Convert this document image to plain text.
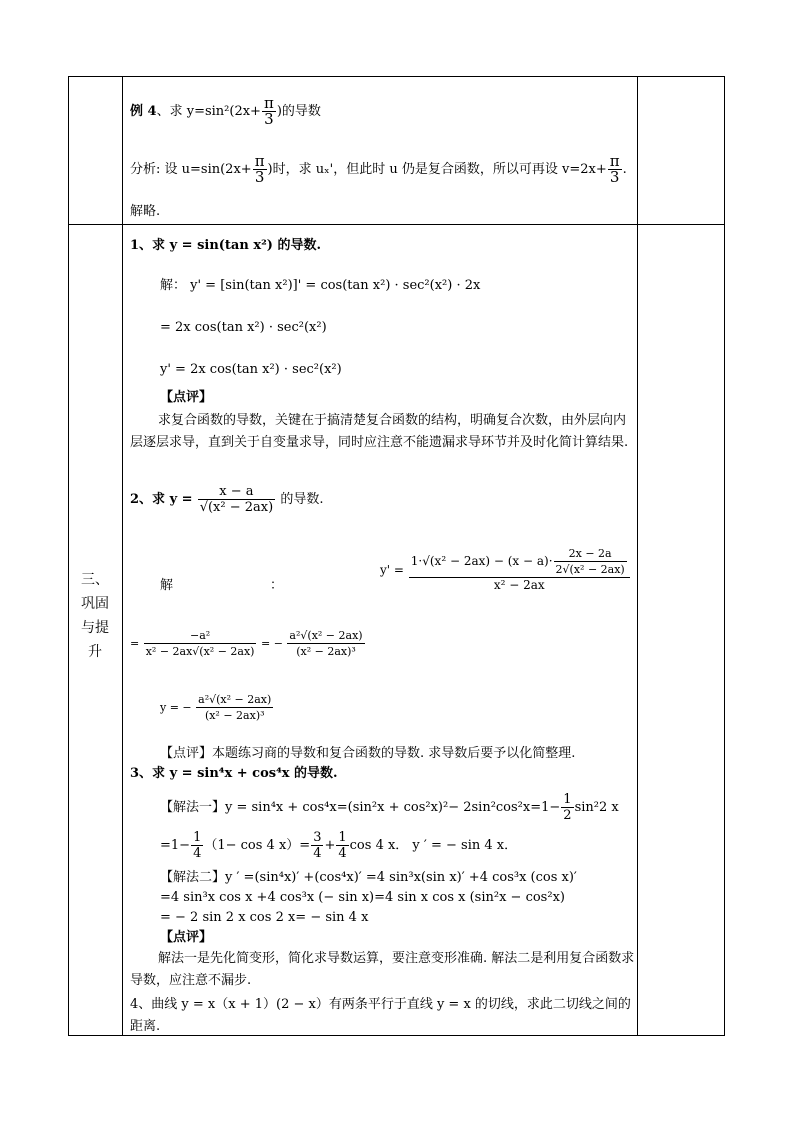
三、巩固与提升
例 4、求 $y=\sin^2(2x+ \frac{\pi}{3}$ )的导数
分析: 设 $u=\sin(2x+ \frac{\pi}{3}$ )时，求 uₓ'，但此时 u 仍是复合函数，所以可再设 $v=2x+ \frac{\pi}{3}$ .
解略.
1、求 y = sin(tan x²) 的导数.
解： y' = [sin(tan x²)]' = cos(tan x²) · sec²(x²) · 2x
= 2x cos(tan x²) · sec²(x²)
y' = 2x cos(tan x²) · sec²(x²)
【点评】
求复合函数的导数，关键在于搞清楚复合函数的结构，明确复合次数，由外层向内层逐层求导，直到关于自变量求导，同时应注意不能遗漏求导环节并及时化简计算结果.
2、求 $y = \frac{x - a}{\text{√(x² − 2ax)}}$ 的导数.
解	：
$y' = \frac{1\cdot√(x^2 - 2ax) - (x - a)\cdot \frac{2x - 2a}{\text{2√(x² − 2ax)}}}{\text{x² − 2ax}}$
= $\frac{\text{−a²}}{\text{x² − 2ax√(x² − 2ax)}}$ = − $\frac{\text{a²√(x² − 2ax)}}{\text{(x² − 2ax)³}}$
y = − $\frac{\text{a²√(x² − 2ax)}}{\text{(x² − 2ax)³}}$
【点评】本题练习商的导数和复合函数的导数. 求导数后要予以化简整理.
3、求 y = sin⁴x + cos⁴x 的导数.
【解法一】$y = \sin^4x + \cos^4x=(\sin^2x + \cos^2x)^2- 2\sin^2\cos^2x=1- \frac{1}{2} \sin^22$ x
$=1- \frac{1}{4} (1- \cos 4$ $x)= \frac{3}{4} + \frac{1}{4}$ cos 4 x． y ′ = − sin 4 x．
【解法二】y ′ =(sin⁴x)′ +(cos⁴x)′ =4 sin³x(sin x)′ +4 cos³x (cos x)′
=4 sin³x cos x +4 cos³x (− sin x)=4 sin x cos x (sin²x − cos²x)
= − 2 sin 2 x cos 2 x= − sin 4 x
【点评】
解法一是先化简变形，简化求导数运算，要注意变形准确. 解法二是利用复合函数求导数，应注意不漏步.
4、曲线 y = x（x + 1）(2 − x）有两条平行于直线 y = x 的切线，求此二切线之间的距离.
